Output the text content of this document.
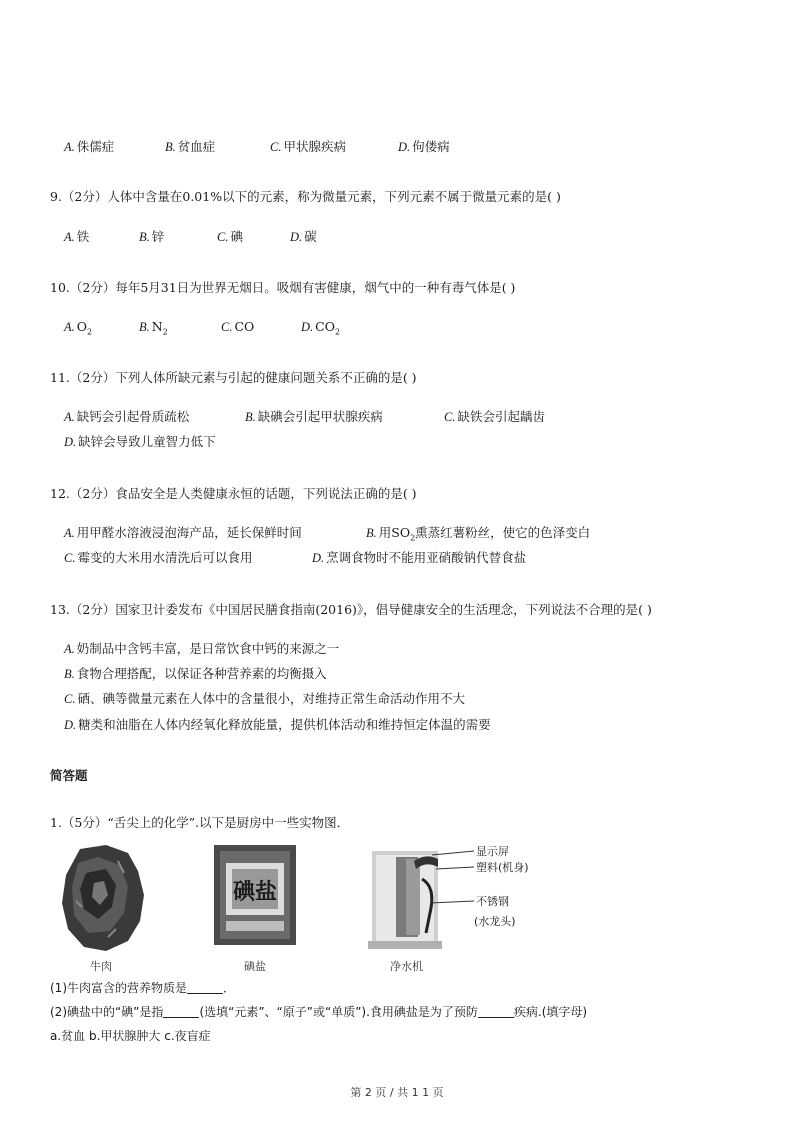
A. 侏儒症	B. 贫血症	C. 甲状腺疾病	D. 佝偻病
9.（2分）人体中含量在0.01%以下的元素，称为微量元素，下列元素不属于微量元素的是( )
A. 铁	B. 锌	C. 碘	D. 碳
10.（2分）每年5月31日为世界无烟日。吸烟有害健康，烟气中的一种有毒气体是( )
A. $O_2$	B. $N_2$	C. CO	D. $CO_2$
11.（2分）下列人体所缺元素与引起的健康问题关系不正确的是( )
A. 缺钙会引起骨质疏松	B. 缺碘会引起甲状腺疾病	C. 缺铁会引起龋齿
D. 缺锌会导致儿童智力低下
12.（2分）食品安全是人类健康永恒的话题，下列说法正确的是( )
A. 用甲醛水溶液浸泡海产品，延长保鲜时间	B. 用$SO_2$熏蒸红薯粉丝，使它的色泽变白
C. 霉变的大米用水清洗后可以食用	D. 烹调食物时不能用亚硝酸钠代替食盐
13.（2分）国家卫计委发布《中国居民膳食指南(2016)》，倡导健康安全的生活理念，下列说法不合理的是( )
A. 奶制品中含钙丰富，是日常饮食中钙的来源之一
B. 食物合理搭配，以保证各种营养素的均衡摄入
C. 硒、碘等微量元素在人体中的含量很小，对维持正常生命活动作用不大
D. 糖类和油脂在人体内经氧化释放能量，提供机体活动和维持恒定体温的需要
简答题
1.（5分）“舌尖上的化学”.以下是厨房中一些实物图．
牛肉
碘盐
碘盐
显示屏
塑料(机身)
不锈钢
(水龙头)
净水机
(1)牛肉富含的营养物质是	．
(2)碘盐中的“碘”是指	(选填“元素”、“原子”或“单质”).食用碘盐是为了预防	疾病.(填字母)
a.贫血 b.甲状腺肿大 c.夜盲症
第 2 页 / 共 1 1 页
